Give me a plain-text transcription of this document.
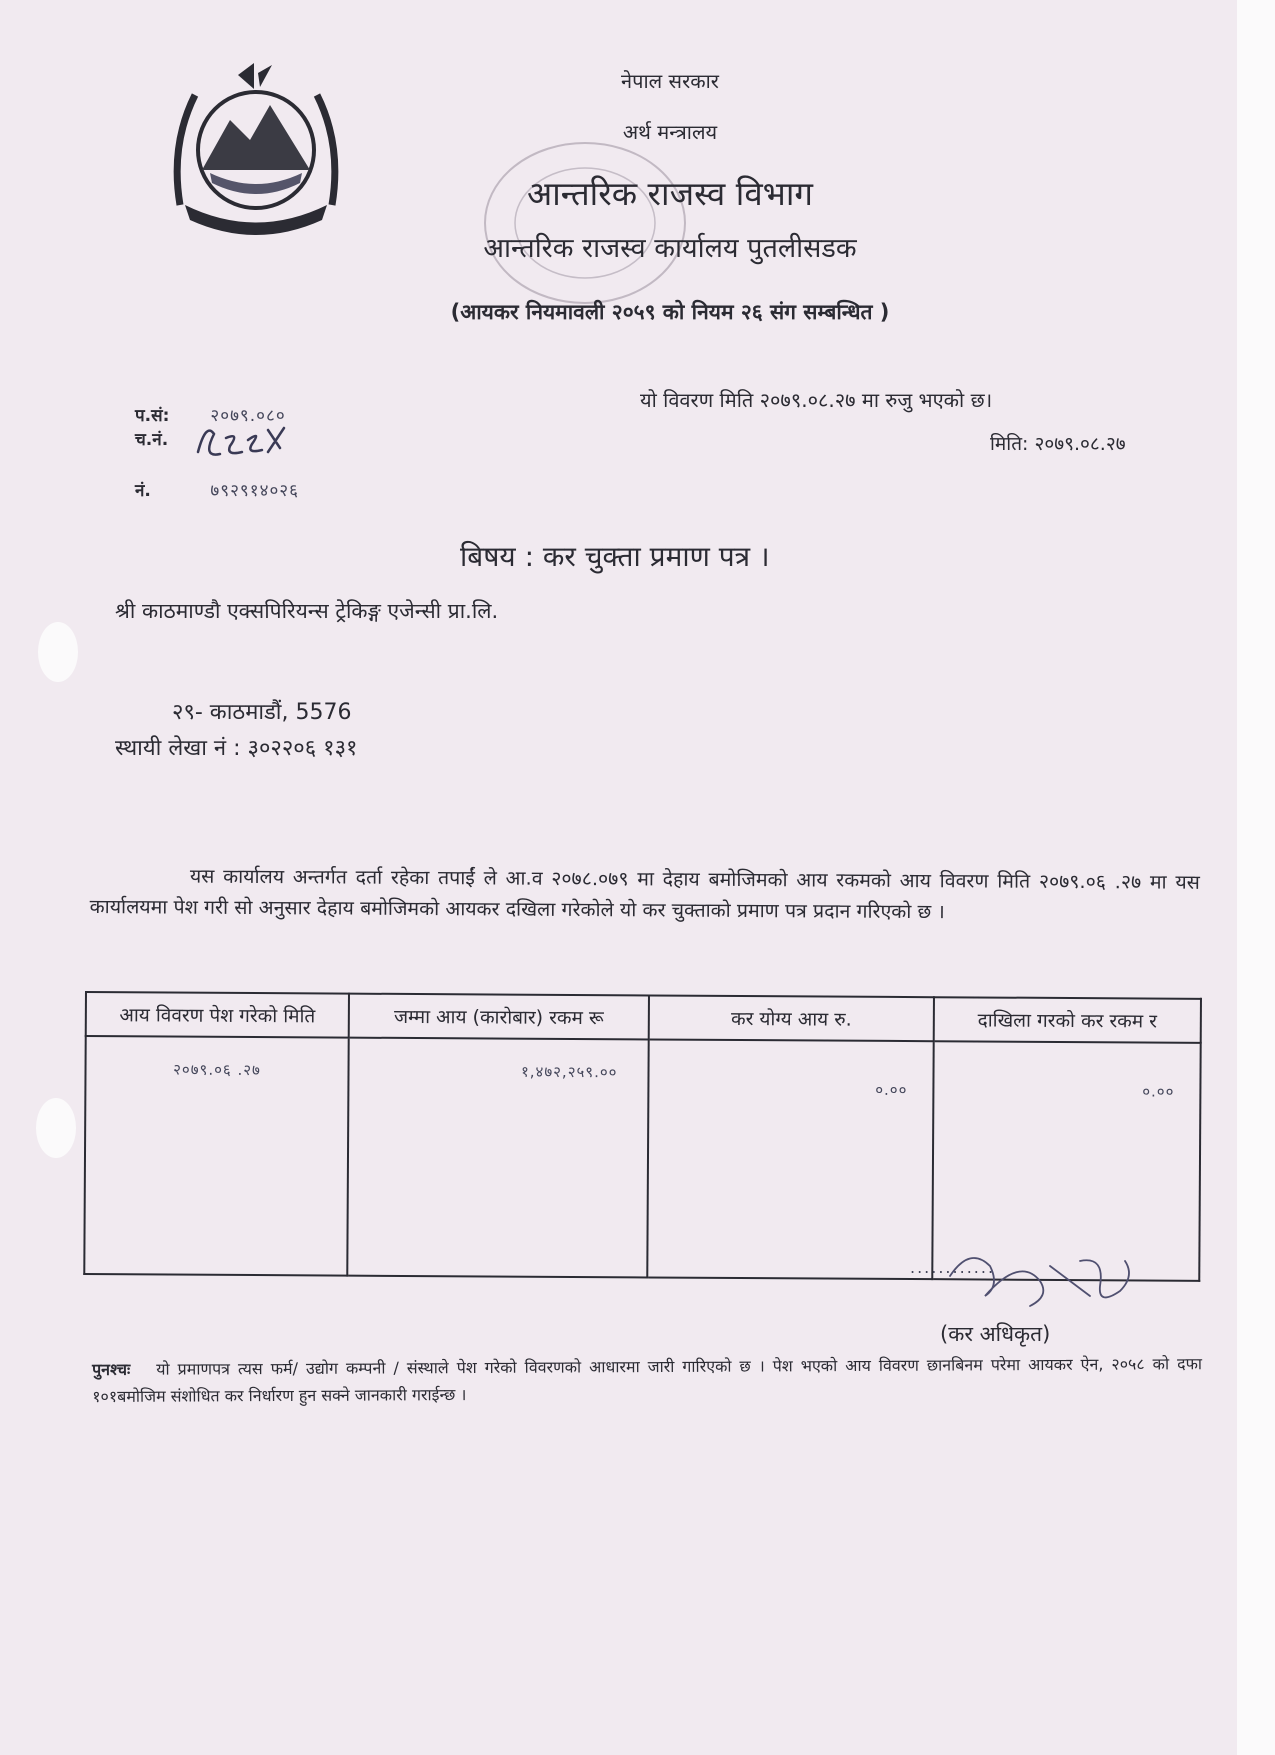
नेपाल सरकार
अर्थ मन्त्रालय
आन्तरिक राजस्व विभाग
आन्तरिक राजस्व कार्यालय पुतलीसडक
(आयकर नियमावली २०५९ को नियम २६ संग सम्बन्धित )
प.सं: २०७९.०८०
च.नं.
नं.	७९२९१४०२६
यो विवरण मिति २०७९.०८.२७ मा रुजु भएको छ।
मिति: २०७९.०८.२७
बिषय : कर चुक्ता प्रमाण पत्र ।
श्री काठमाण्डौ एक्सपिरियन्स ट्रेकिङ्ग एजेन्सी प्रा.लि.
२९- काठमाडौं, 5576
स्थायी लेखा नं : ३०२२०६ १३१
यस कार्यालय अन्तर्गत दर्ता रहेका तपाईं ले आ.व २०७८.०७९ मा देहाय बमोजिमको आय रकमको आय विवरण मिति २०७९.०६ .२७ मा यस कार्यालयमा पेश गरी सो अनुसार देहाय बमोजिमको आयकर दखिला गरेकोले यो कर चुक्ताको प्रमाण पत्र प्रदान गरिएको छ ।
आय विवरण पेश गरेको मिति	जम्मा आय (कारोबार) रकम रू	कर योग्य आय रु.	दाखिला गरको कर रकम र
२०७९.०६ .२७	१,४७२,२५९.००	०.००	०.००
............
(कर अधिकृत)
पुनश्चः यो प्रमाणपत्र त्यस फर्म/ उद्योग कम्पनी / संस्थाले पेश गरेको विवरणको आधारमा जारी गारिएको छ । पेश भएको आय विवरण छानबिनम परेमा आयकर ऐन, २०५८ को दफा १०१बमोजिम संशोधित कर निर्धारण हुन सक्ने जानकारी गराईन्छ ।
